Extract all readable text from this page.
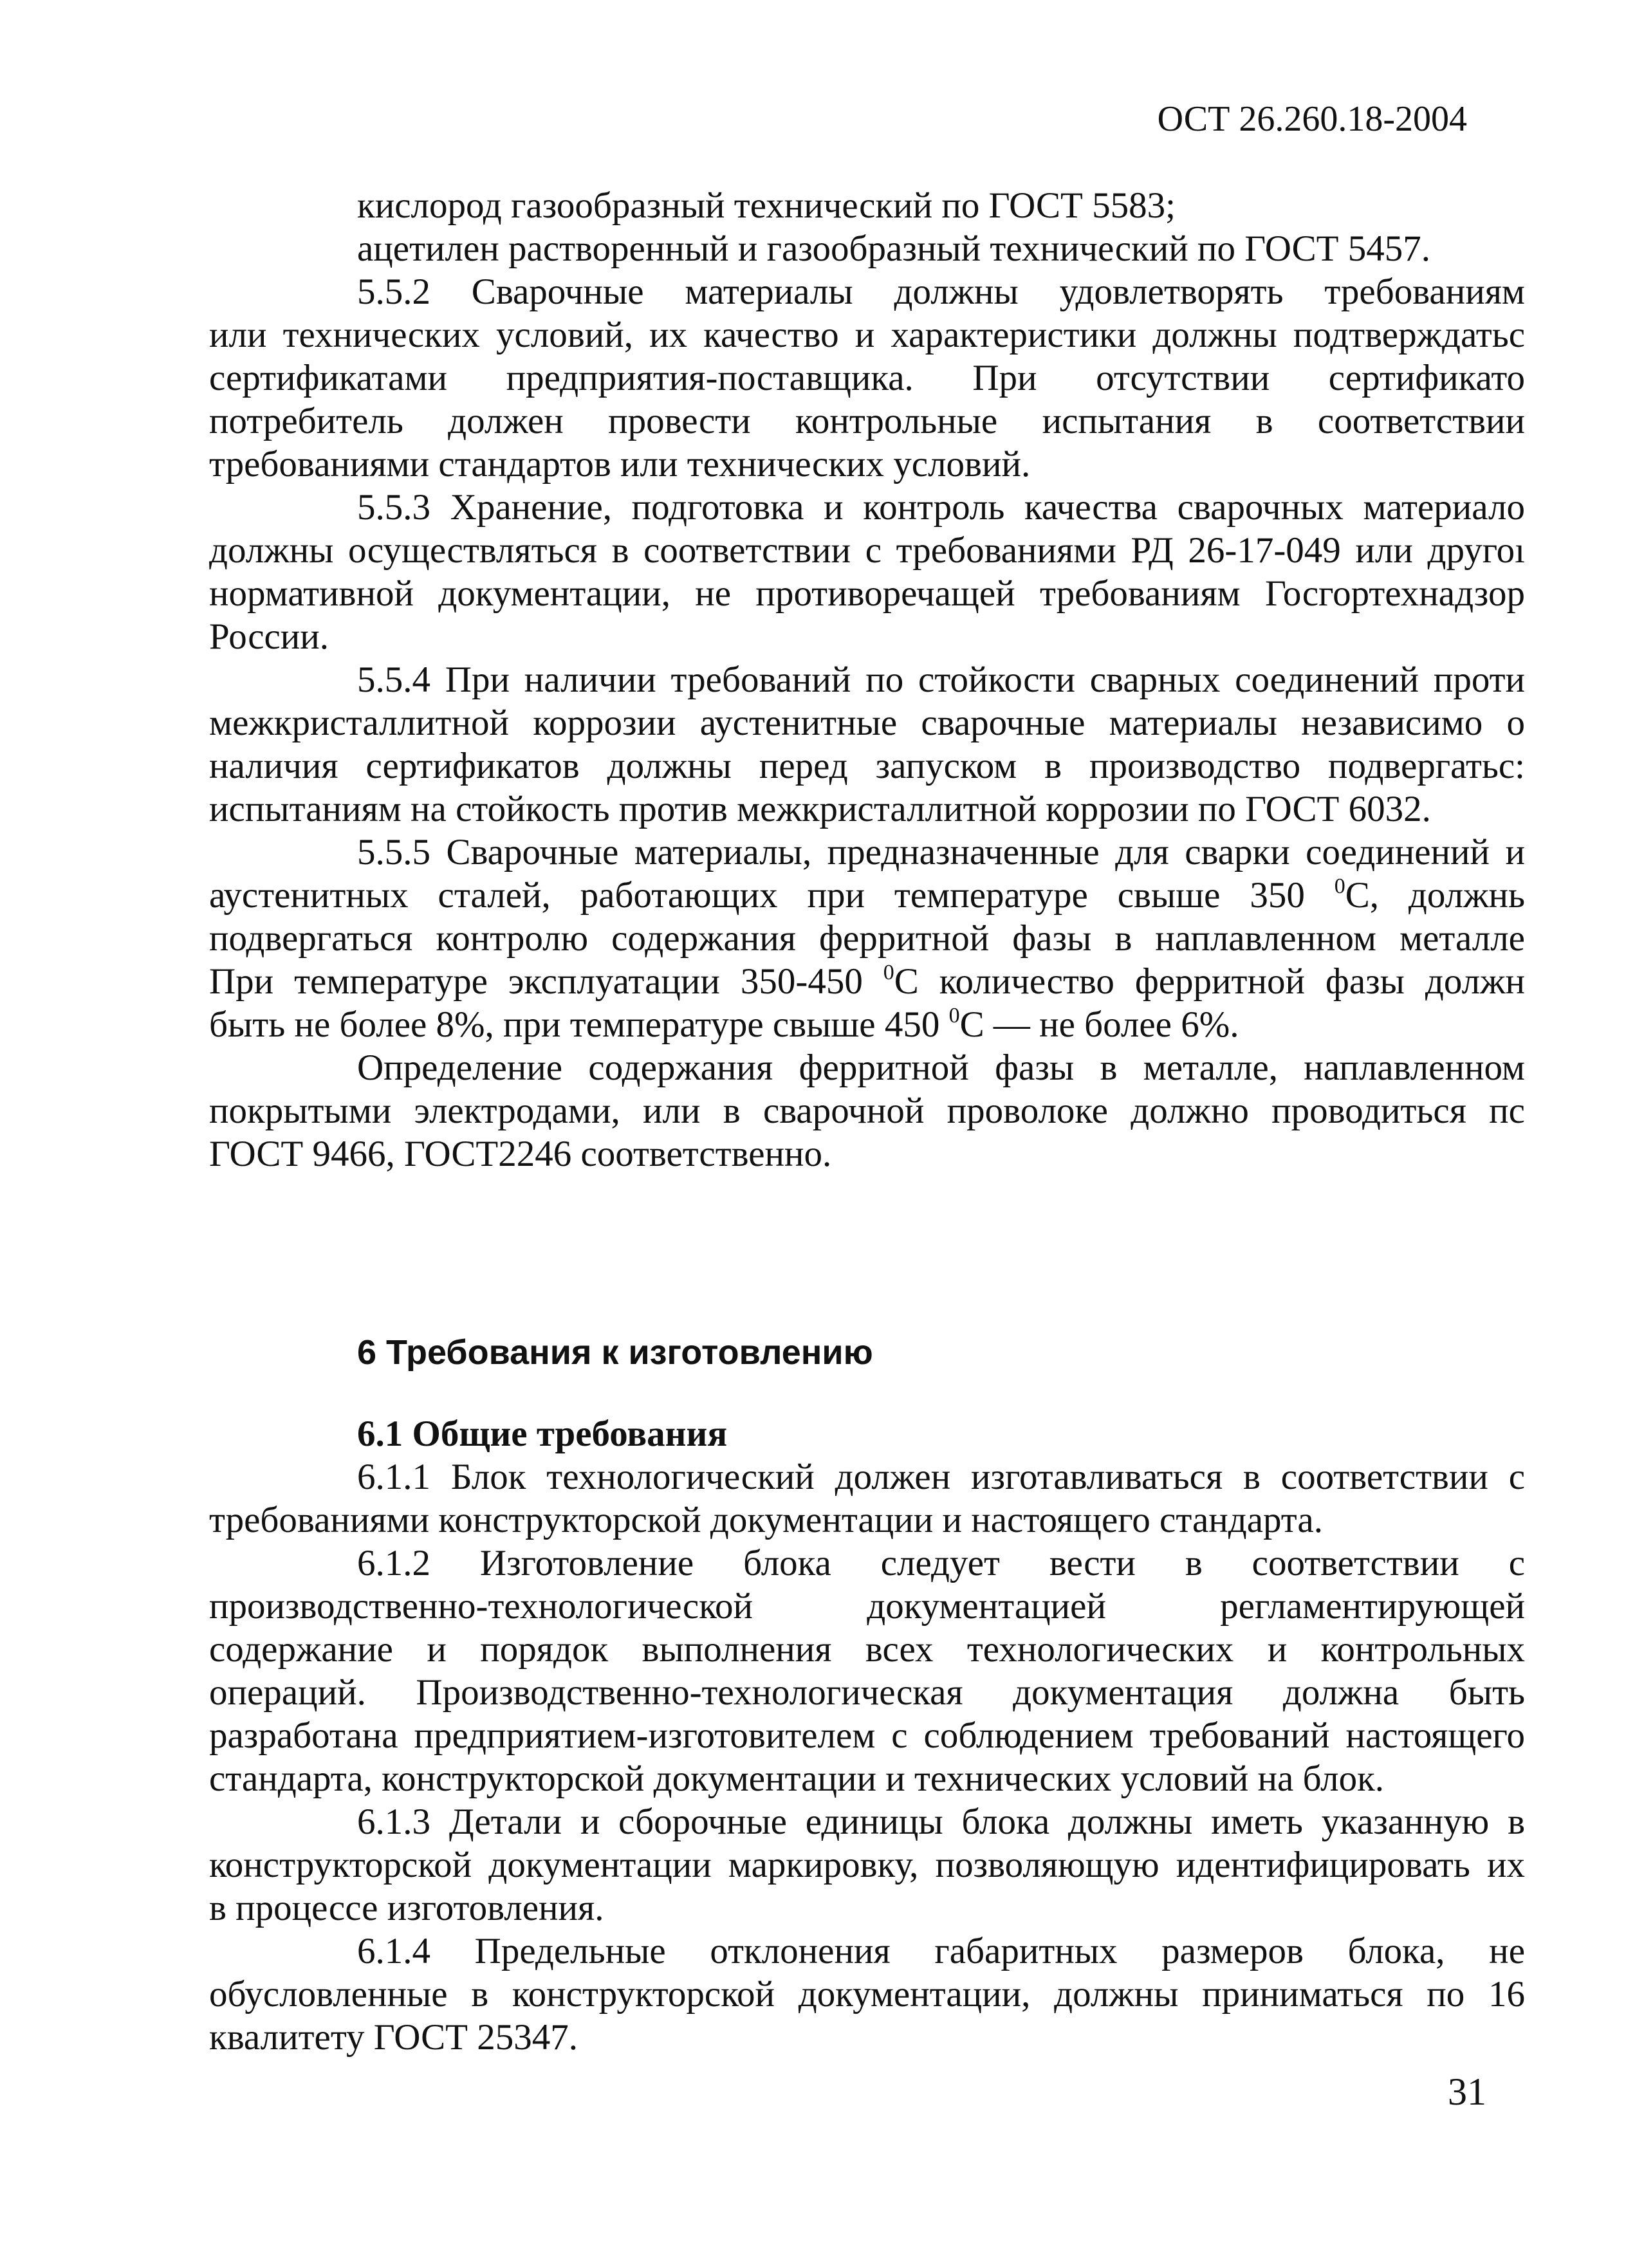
ОСТ 26.260.18-2004
кислород газообразный технический по ГОСТ 5583;
ацетилен растворенный и газообразный технический по ГОСТ 5457.
5.5.2 Сварочные материалы должны удовлетворять требованиям
или технических условий, их качество и характеристики должны подтверждатьс
сертификатами предприятия-поставщика. При отсутствии сертификато
потребитель должен провести контрольные испытания в соответствии
требованиями стандартов или технических условий.
5.5.3 Хранение, подготовка и контроль качества сварочных материало
должны осуществляться в соответствии с требованиями РД 26-17-049 или другоı
нормативной документации, не противоречащей требованиям Госгортехнадзор
России.
5.5.4 При наличии требований по стойкости сварных соединений проти
межкристаллитной коррозии аустенитные сварочные материалы независимо о
наличия сертификатов должны перед запуском в производство подвергатьс:
испытаниям на стойкость против межкристаллитной коррозии по ГОСТ 6032.
5.5.5 Сварочные материалы, предназначенные для сварки соединений и
аустенитных сталей, работающих при температуре свыше 350 $^0$C, должнь
подвергаться контролю содержания ферритной фазы в наплавленном металле
При температуре эксплуатации 350-450 $^0$C количество ферритной фазы должн
быть не более 8%, при температуре свыше 450 $^0$C — не более 6%.
Определение содержания ферритной фазы в металле, наплавленном
покрытыми электродами, или в сварочной проволоке должно проводиться пс
ГОСТ 9466, ГОСТ2246 соответственно.
6 Требования к изготовлению
6.1 Общие требования
6.1.1 Блок технологический должен изготавливаться в соответствии с
требованиями конструкторской документации и настоящего стандарта.
6.1.2 Изготовление блока следует вести в соответствии с
производственно-технологической документацией регламентирующей
содержание и порядок выполнения всех технологических и контрольных
операций. Производственно-технологическая документация должна быть
разработана предприятием-изготовителем с соблюдением требований настоящего
стандарта, конструкторской документации и технических условий на блок.
6.1.3 Детали и сборочные единицы блока должны иметь указанную в
конструкторской документации маркировку, позволяющую идентифицировать их
в процессе изготовления.
6.1.4 Предельные отклонения габаритных размеров блока, не
обусловленные в конструкторской документации, должны приниматься по 16
квалитету ГОСТ 25347.
31
